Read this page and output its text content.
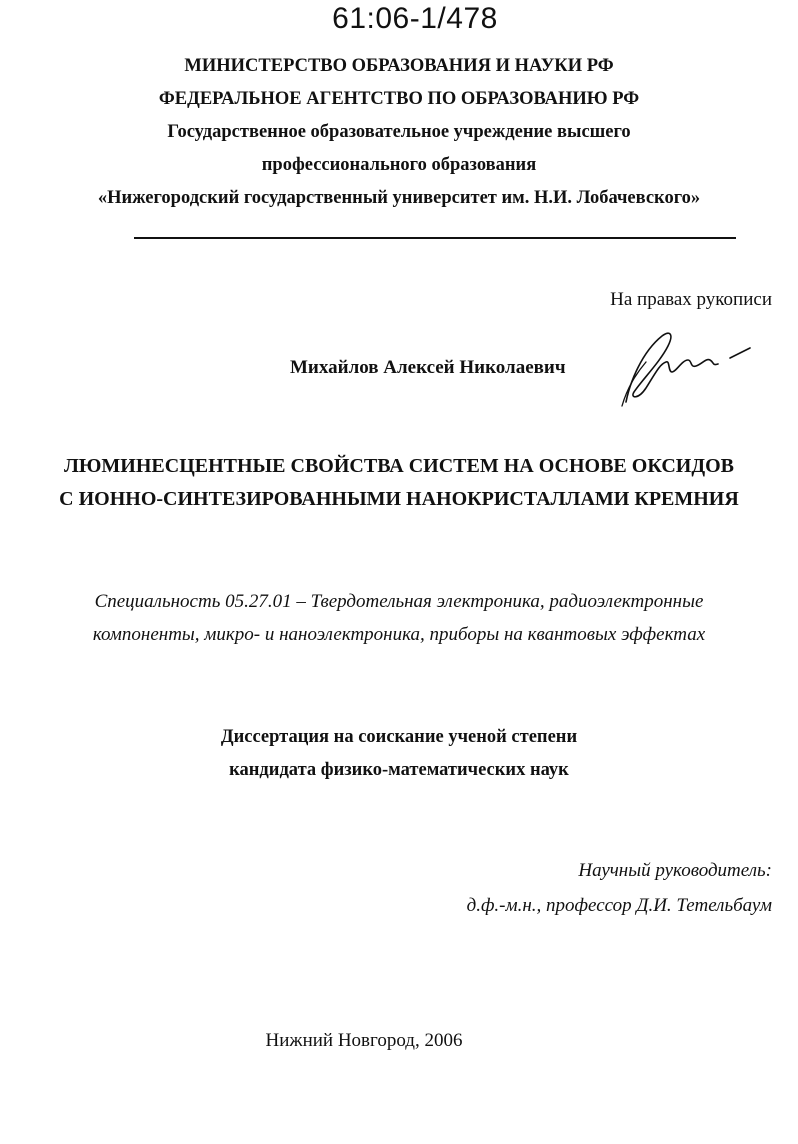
61:06-1/478
МИНИСТЕРСТВО ОБРАЗОВАНИЯ И НАУКИ РФ
ФЕДЕРАЛЬНОЕ АГЕНТСТВО ПО ОБРАЗОВАНИЮ РФ
Государственное образовательное учреждение высшего
профессионального образования
«Нижегородский государственный университет им. Н.И. Лобачевского»
На правах рукописи
Михайлов Алексей Николаевич
ЛЮМИНЕСЦЕНТНЫЕ СВОЙСТВА СИСТЕМ НА ОСНОВЕ ОКСИДОВ
С ИОННО-СИНТЕЗИРОВАННЫМИ НАНОКРИСТАЛЛАМИ КРЕМНИЯ
Специальность 05.27.01 – Твердотельная электроника, радиоэлектронные
компоненты, микро- и наноэлектроника, приборы на квантовых эффектах
Диссертация на соискание ученой степени
кандидата физико-математических наук
Научный руководитель:
д.ф.-м.н., профессор Д.И. Тетельбаум
Нижний Новгород, 2006
